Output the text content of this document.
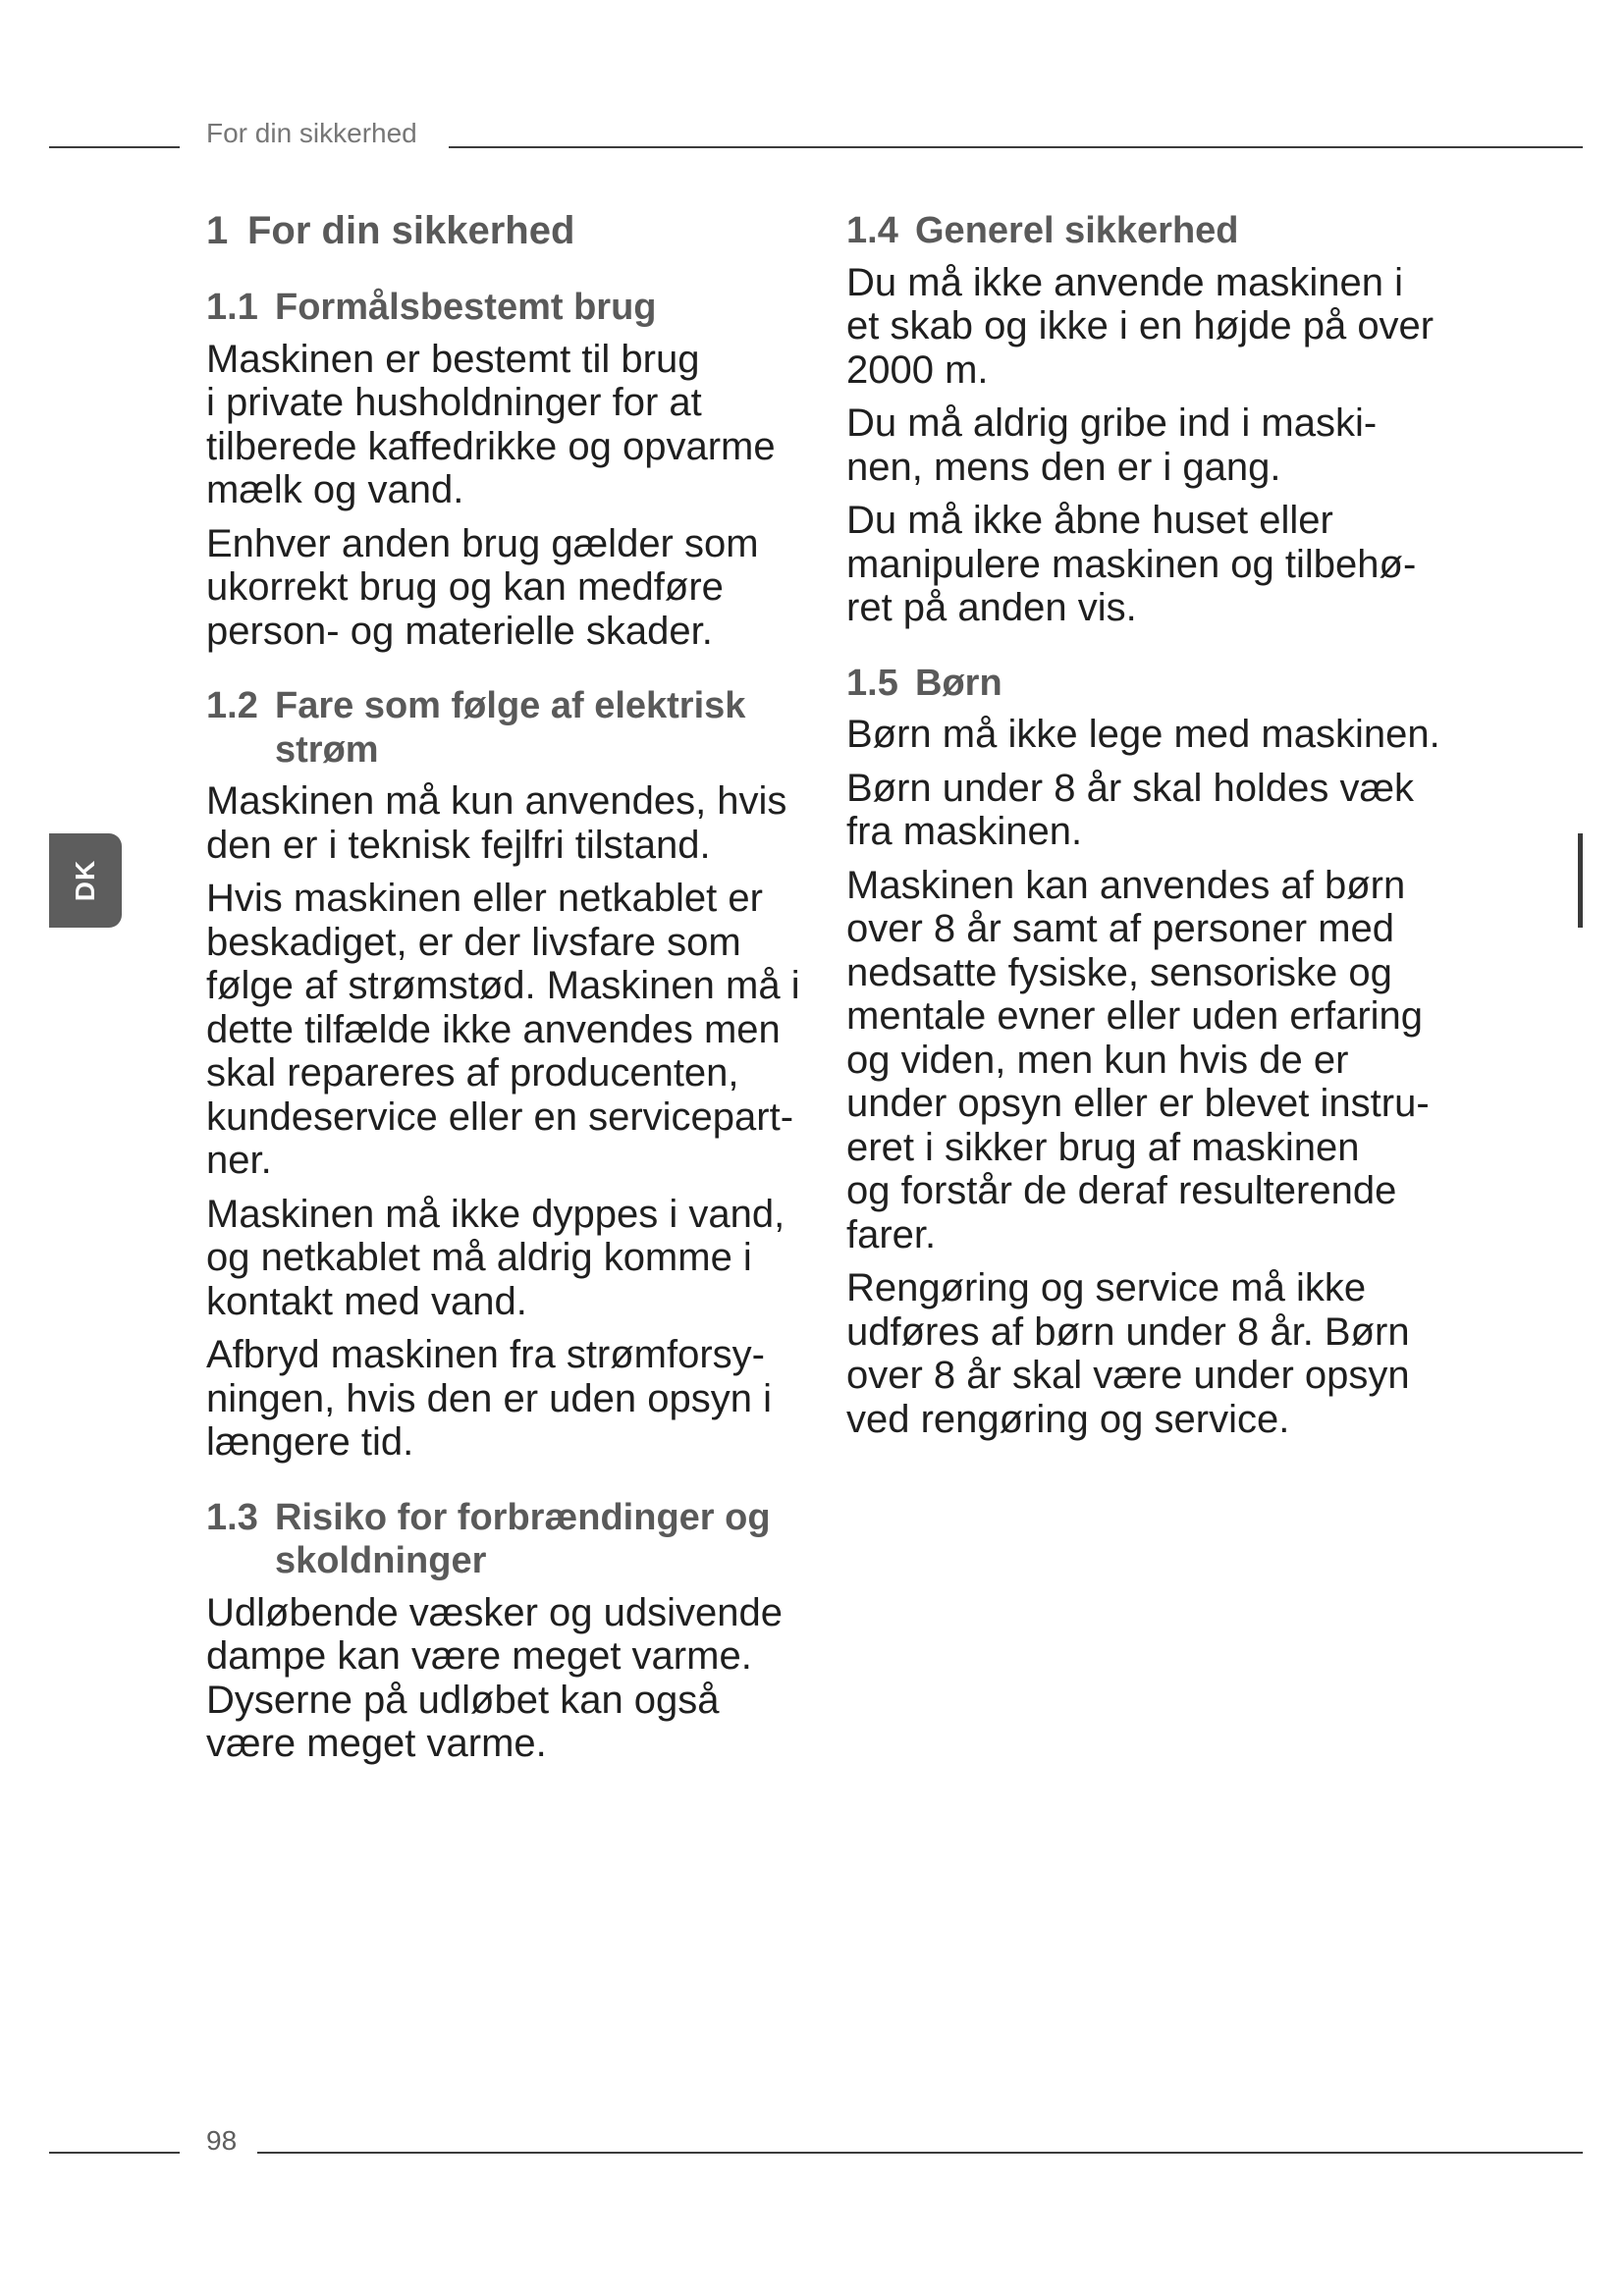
For din sikkerhed
DK
1 For din sikkerhed
1.1 Formålsbestemt brug

Maskinen er bestemt til brug
i private husholdninger for at
tilberede kaffedrikke og opvarme
mælk og vand.

Enhver anden brug gælder som
ukorrekt brug og kan medføre
person- og materielle skader.

1.2 Fare som følge af elektrisk
strøm

Maskinen må kun anvendes, hvis
den er i teknisk fejlfri tilstand.

Hvis maskinen eller netkablet er
beskadiget, er der livsfare som
følge af strømstød. Maskinen må i
dette tilfælde ikke anvendes men
skal repareres af producenten,
kundeservice eller en servicepart-
ner.

Maskinen må ikke dyppes i vand,
og netkablet må aldrig komme i
kontakt med vand.

Afbryd maskinen fra strømforsy-
ningen, hvis den er uden opsyn i
længere tid.

1.3 Risiko for forbrændinger og
skoldninger

Udløbende væsker og udsivende
dampe kan være meget varme.
Dyserne på udløbet kan også
være meget varme.

1.4 Generel sikkerhed

Du må ikke anvende maskinen i
et skab og ikke i en højde på over
2000 m.

Du må aldrig gribe ind i maski-
nen, mens den er i gang.

Du må ikke åbne huset eller
manipulere maskinen og tilbehø-
ret på anden vis.

1.5 Børn

Børn må ikke lege med maskinen.

Børn under 8 år skal holdes væk
fra maskinen.

Maskinen kan anvendes af børn
over 8 år samt af personer med
nedsatte fysiske, sensoriske og
mentale evner eller uden erfaring
og viden, men kun hvis de er
under opsyn eller er blevet instru-
eret i sikker brug af maskinen
og forstår de deraf resulterende
farer.

Rengøring og service må ikke
udføres af børn under 8 år. Børn
over 8 år skal være under opsyn
ved rengøring og service.

98
